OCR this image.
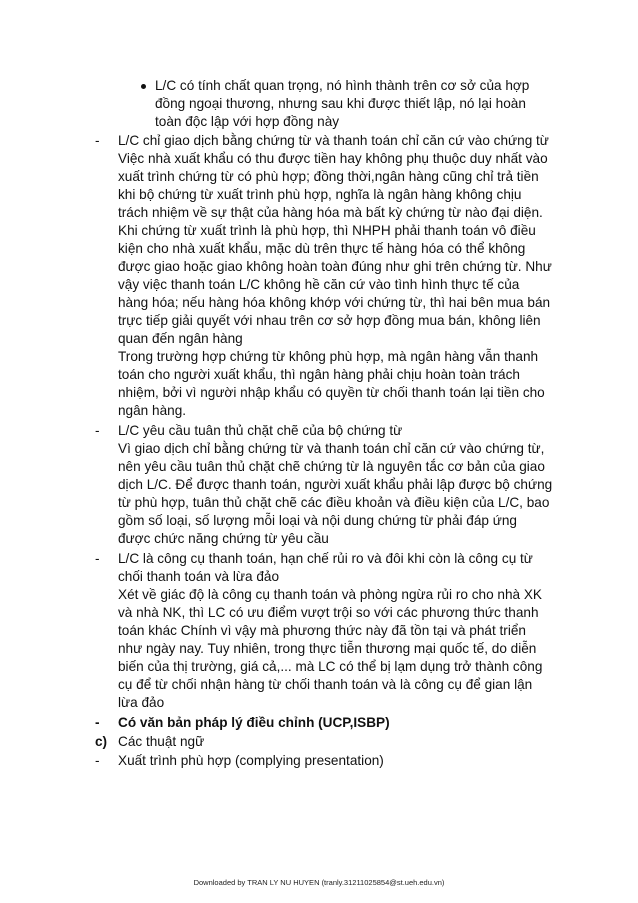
L/C có tính chất quan trọng, nó hình thành trên cơ sở của hợp
đồng ngoại thương, nhưng sau khi được thiết lập, nó lại hoàn
toàn độc lập với hợp đồng này
- L/C chỉ giao dịch bằng chứng từ và thanh toán chỉ căn cứ vào chứng từ
Việc nhà xuất khẩu có thu được tiền hay không phụ thuộc duy nhất vào
xuất trình chứng từ có phù hợp; đồng thời,ngân hàng cũng chỉ trả tiền
khi bộ chứng từ xuất trình phù hợp, nghĩa là ngân hàng không chịu
trách nhiệm về sự thật của hàng hóa mà bất kỳ chứng từ nào đại diện.
Khi chứng từ xuất trình là phù hợp, thì NHPH phải thanh toán vô điều
kiện cho nhà xuất khẩu, mặc dù trên thực tế hàng hóa có thể không
được giao hoặc giao không hoàn toàn đúng như ghi trên chứng từ. Như
vậy việc thanh toán L/C không hề căn cứ vào tình hình thực tế của
hàng hóa; nếu hàng hóa không khớp với chứng từ, thì hai bên mua bán
trực tiếp giải quyết với nhau trên cơ sở hợp đồng mua bán, không liên
quan đến ngân hàng
Trong trường hợp chứng từ không phù hợp, mà ngân hàng vẫn thanh
toán cho người xuất khẩu, thì ngân hàng phải chịu hoàn toàn trách
nhiệm, bởi vì người nhập khẩu có quyền từ chối thanh toán lại tiền cho
ngân hàng.
- L/C yêu cầu tuân thủ chặt chẽ của bộ chứng từ
Vì giao dịch chỉ bằng chứng từ và thanh toán chỉ căn cứ vào chứng từ,
nên yêu cầu tuân thủ chặt chẽ chứng từ là nguyên tắc cơ bản của giao
dịch L/C. Để được thanh toán, người xuất khẩu phải lập được bộ chứng
từ phù hợp, tuân thủ chặt chẽ các điều khoản và điều kiện của L/C, bao
gồm số loại, số lượng mỗi loại và nội dung chứng từ phải đáp ứng
được chức năng chứng từ yêu cầu
- L/C là công cụ thanh toán, hạn chế rủi ro và đôi khi còn là công cụ từ
chối thanh toán và lừa đảo
Xét về giác độ là công cụ thanh toán và phòng ngừa rủi ro cho nhà XK
và nhà NK, thì LC có ưu điểm vượt trội so với các phương thức thanh
toán khác Chính vì vậy mà phương thức này đã tồn tại và phát triển
như ngày nay. Tuy nhiên, trong thực tiễn thương mại quốc tế, do diễn
biến của thị trường, giá cả,... mà LC có thể bị lạm dụng trở thành công
cụ để từ chối nhận hàng từ chối thanh toán và là công cụ để gian lận
lừa đảo
- Có văn bản pháp lý điều chỉnh (UCP,ISBP)
c) Các thuật ngữ
- Xuất trình phù hợp (complying presentation)
Downloaded by TRAN LY NU HUYEN (tranly.31211025854@st.ueh.edu.vn)
